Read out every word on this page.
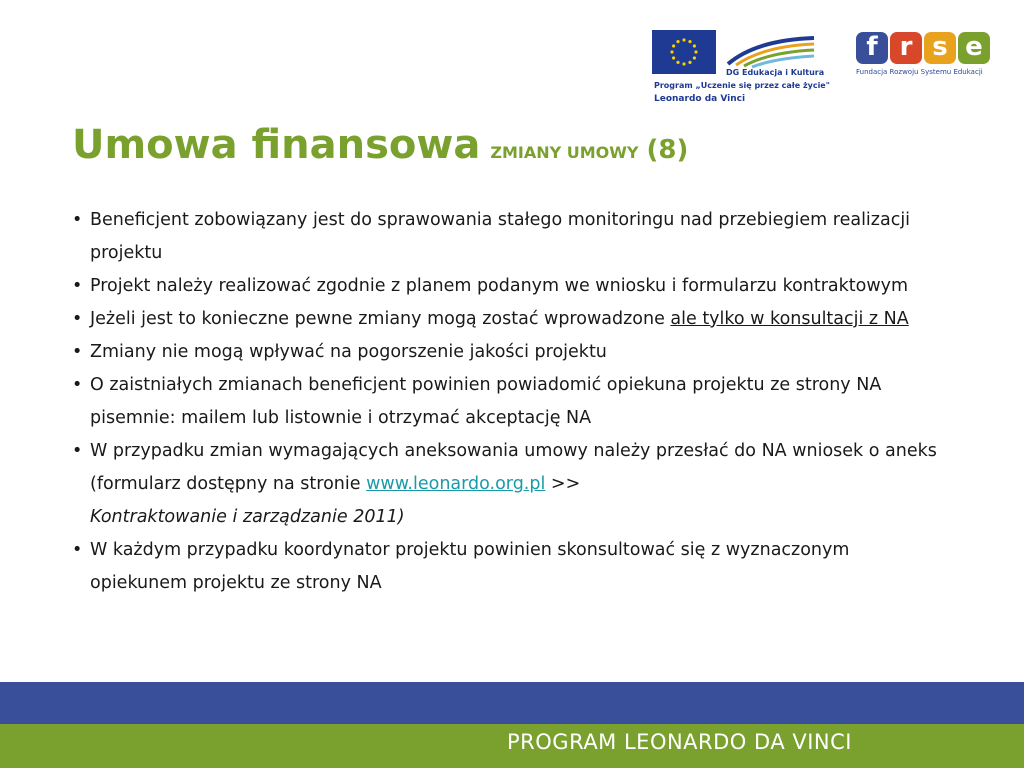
DG Edukacja i Kultura
Program „Uczenie się przez całe życie"
Leonardo da Vinci
f r s e
Fundacja Rozwoju Systemu Edukacji
Umowa finansowa ZMIANY UMOWY (8)
• Beneficjent zobowiązany jest do sprawowania stałego monitoringu nad przebiegiem realizacji projektu
• Projekt należy realizować zgodnie z planem podanym we wniosku i formularzu kontraktowym
• Jeżeli jest to konieczne pewne zmiany mogą zostać wprowadzone ale tylko w konsultacji z NA
• Zmiany nie mogą wpływać na pogorszenie jakości projektu
• O zaistniałych zmianach beneficjent powinien powiadomić opiekuna projektu ze strony NA pisemnie: mailem lub listownie i otrzymać akceptację NA
• W przypadku zmian wymagających aneksowania umowy należy przesłać do NA wniosek o aneks (formularz dostępny na stronie www.leonardo.org.pl >>
Kontraktowanie i zarządzanie 2011)
• W każdym przypadku koordynator projektu powinien skonsultować się z wyznaczonym opiekunem projektu ze strony NA
PROGRAM LEONARDO DA VINCI
